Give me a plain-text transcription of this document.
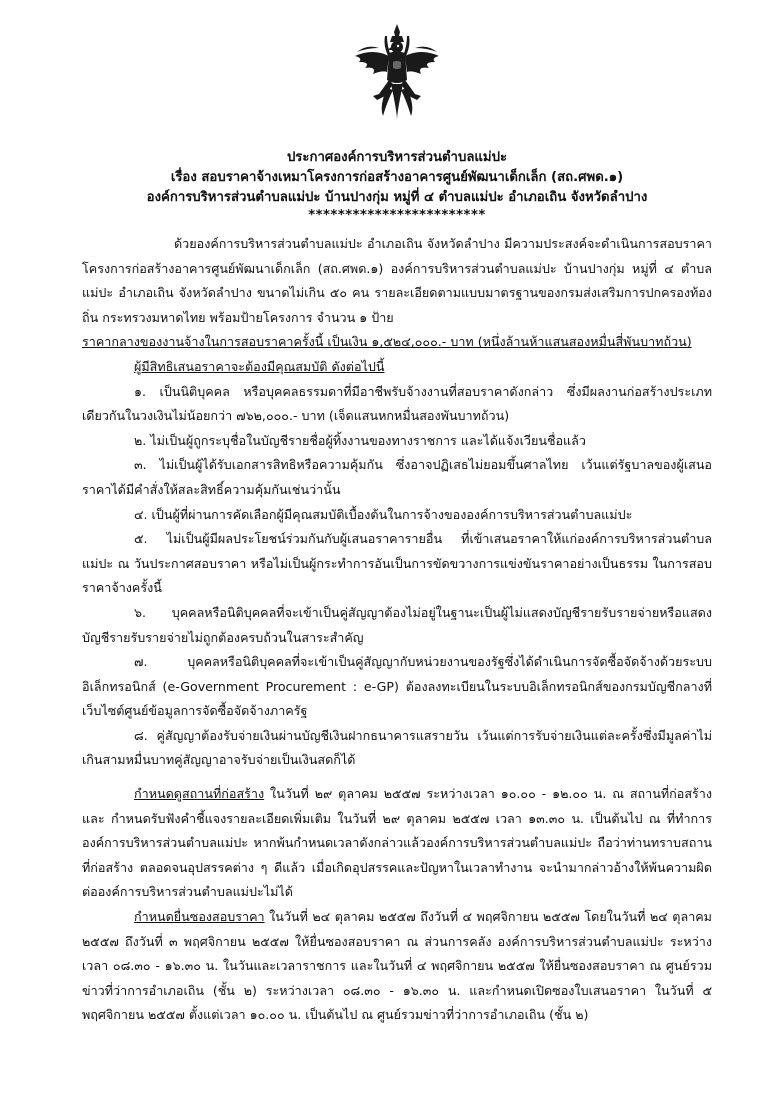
ประกาศองค์การบริหารส่วนตำบลแม่ปะ
เรื่อง สอบราคาจ้างเหมาโครงการก่อสร้างอาคารศูนย์พัฒนาเด็กเล็ก (สถ.ศพด.๑)
องค์การบริหารส่วนตำบลแม่ปะ บ้านปางกุ่ม หมู่ที่ ๔ ตำบลแม่ปะ อำเภอเถิน จังหวัดลำปาง
************************

ด้วยองค์การบริหารส่วนตำบลแม่ปะ อำเภอเถิน จังหวัดลำปาง มีความประสงค์จะดำเนินการสอบราคาโครงการก่อสร้างอาคารศูนย์พัฒนาเด็กเล็ก (สถ.ศพด.๑) องค์การบริหารส่วนตำบลแม่ปะ บ้านปางกุ่ม หมู่ที่ ๔ ตำบลแม่ปะ อำเภอเถิน จังหวัดลำปาง ขนาดไม่เกิน ๕๐ คน รายละเอียดตามแบบมาตรฐานของกรมส่งเสริมการปกครองท้องถิ่น กระทรวงมหาดไทย พร้อมป้ายโครงการ จำนวน ๑ ป้าย

ราคากลางของงานจ้างในการสอบราคาครั้งนี้ เป็นเงิน ๑,๕๒๔,๐๐๐.- บาท (หนึ่งล้านห้าแสนสองหมื่นสี่พันบาทถ้วน)

ผู้มีสิทธิเสนอราคาจะต้องมีคุณสมบัติ ดังต่อไปนี้

๑. เป็นนิติบุคคล หรือบุคคลธรรมดาที่มีอาชีพรับจ้างงานที่สอบราคาดังกล่าว ซึ่งมีผลงานก่อสร้างประเภทเดียวกันในวงเงินไม่น้อยกว่า ๗๖๒,๐๐๐.- บาท (เจ็ดแสนหกหมื่นสองพันบาทถ้วน)

๒. ไม่เป็นผู้ถูกระบุชื่อในบัญชีรายชื่อผู้ทิ้งงานของทางราชการ และได้แจ้งเวียนชื่อแล้ว

๓. ไม่เป็นผู้ได้รับเอกสารสิทธิหรือความคุ้มกัน ซึ่งอาจปฏิเสธไม่ยอมขึ้นศาลไทย เว้นแต่รัฐบาลของผู้เสนอราคาได้มีคำสั่งให้สละสิทธิ์ความคุ้มกันเช่นว่านั้น

๔. เป็นผู้ที่ผ่านการคัดเลือกผู้มีคุณสมบัติเบื้องต้นในการจ้างขององค์การบริหารส่วนตำบลแม่ปะ

๕. ไม่เป็นผู้มีผลประโยชน์ร่วมกันกับผู้เสนอราคารายอื่น ที่เข้าเสนอราคาให้แก่องค์การบริหารส่วนตำบลแม่ปะ ณ วันประกาศสอบราคา หรือไม่เป็นผู้กระทำการอันเป็นการขัดขวางการแข่งขันราคาอย่างเป็นธรรม ในการสอบราคาจ้างครั้งนี้

๖. บุคคลหรือนิติบุคคลที่จะเข้าเป็นคู่สัญญาต้องไม่อยู่ในฐานะเป็นผู้ไม่แสดงบัญชีรายรับรายจ่ายหรือแสดงบัญชีรายรับรายจ่ายไม่ถูกต้องครบถ้วนในสาระสำคัญ

๗. บุคคลหรือนิติบุคคลที่จะเข้าเป็นคู่สัญญากับหน่วยงานของรัฐซึ่งได้ดำเนินการจัดซื้อจัดจ้างด้วยระบบอิเล็กทรอนิกส์ (e-Government Procurement : e-GP) ต้องลงทะเบียนในระบบอิเล็กทรอนิกส์ของกรมบัญชีกลางที่เว็บไซต์ศูนย์ข้อมูลการจัดซื้อจัดจ้างภาครัฐ

๘. คู่สัญญาต้องรับจ่ายเงินผ่านบัญชีเงินฝากธนาคารแสรายวัน เว้นแต่การรับจ่ายเงินแต่ละครั้งซึ่งมีมูลค่าไม่เกินสามหมื่นบาทคู่สัญญาอาจรับจ่ายเป็นเงินสดก็ได้

กำหนดดูสถานที่ก่อสร้าง ในวันที่ ๒๙ ตุลาคม ๒๕๕๗ ระหว่างเวลา ๑๐.๐๐ - ๑๒.๐๐ น. ณ สถานที่ก่อสร้าง และ กำหนดรับฟังคำชี้แจงรายละเอียดเพิ่มเติม ในวันที่ ๒๙ ตุลาคม ๒๕๕๗ เวลา ๑๓.๓๐ น. เป็นต้นไป ณ ที่ทำการองค์การบริหารส่วนตำบลแม่ปะ หากพ้นกำหนดเวลาดังกล่าวแล้วองค์การบริหารส่วนตำบลแม่ปะ ถือว่าท่านทราบสถานที่ก่อสร้าง ตลอดจนอุปสรรคต่าง ๆ ดีแล้ว เมื่อเกิดอุปสรรคและปัญหาในเวลาทำงาน จะนำมากล่าวอ้างให้พ้นความผิดต่อองค์การบริหารส่วนตำบลแม่ปะไม่ได้

กำหนดยื่นซองสอบราคา ในวันที่ ๒๔ ตุลาคม ๒๕๕๗ ถึงวันที่ ๔ พฤศจิกายน ๒๕๕๗ โดยในวันที่ ๒๔ ตุลาคม ๒๕๕๗ ถึงวันที่ ๓ พฤศจิกายน ๒๕๕๗ ให้ยื่นซองสอบราคา ณ ส่วนการคลัง องค์การบริหารส่วนตำบลแม่ปะ ระหว่างเวลา ๐๘.๓๐ - ๑๖.๓๐ น. ในวันและเวลาราชการ และในวันที่ ๔ พฤศจิกายน ๒๕๕๗ ให้ยื่นซองสอบราคา ณ ศูนย์รวมข่าวที่ว่าการอำเภอเถิน (ชั้น ๒) ระหว่างเวลา ๐๘.๓๐ - ๑๖.๓๐ น. และกำหนดเปิดซองใบเสนอราคา ในวันที่ ๕ พฤศจิกายน ๒๕๕๗ ตั้งแต่เวลา ๑๐.๐๐ น. เป็นต้นไป ณ ศูนย์รวมข่าวที่ว่าการอำเภอเถิน (ชั้น ๒)
